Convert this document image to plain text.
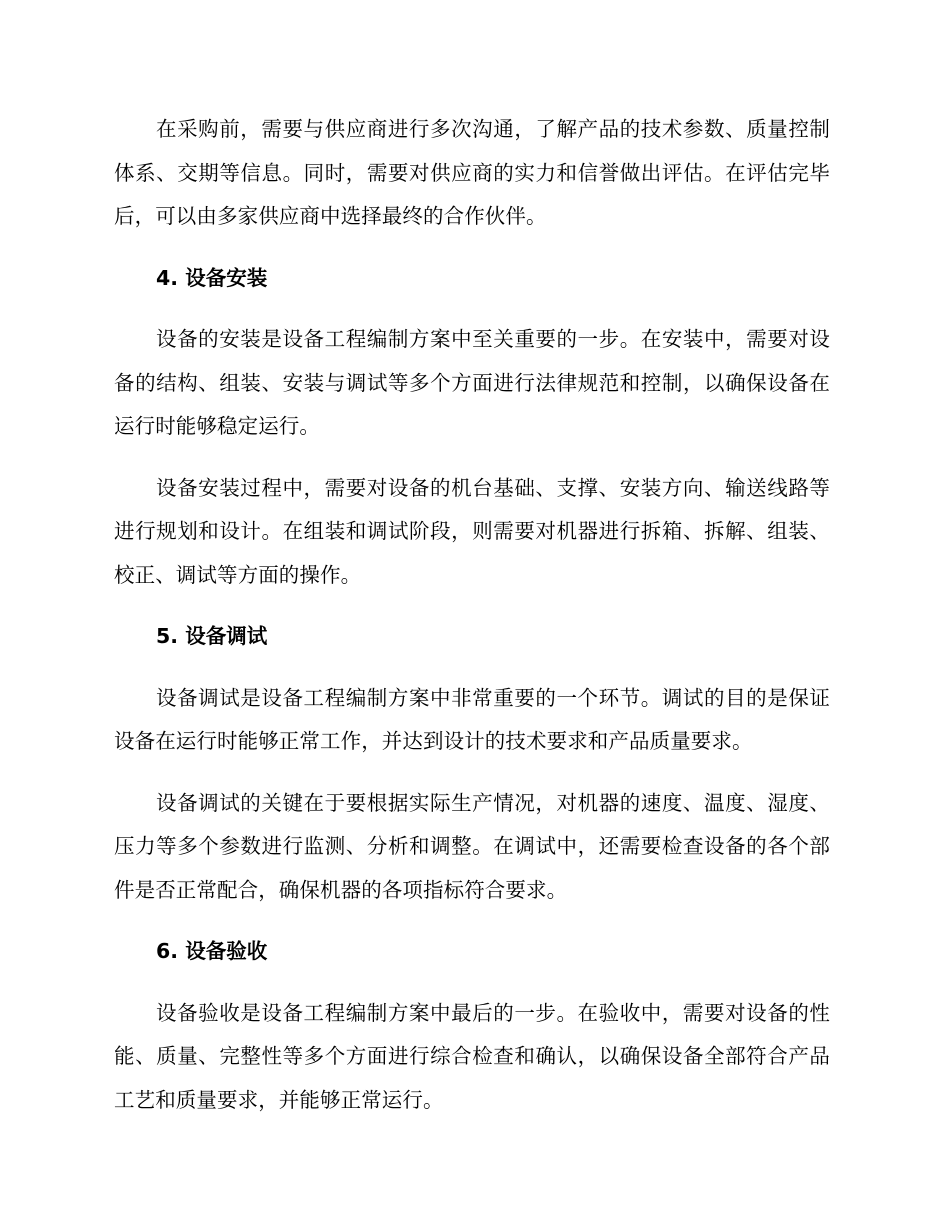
在采购前，需要与供应商进行多次沟通，了解产品的技术参数、质量控制体系、交期等信息。同时，需要对供应商的实力和信誉做出评估。在评估完毕后，可以由多家供应商中选择最终的合作伙伴。

4. 设备安装

设备的安装是设备工程编制方案中至关重要的一步。在安装中，需要对设备的结构、组装、安装与调试等多个方面进行法律规范和控制，以确保设备在运行时能够稳定运行。

设备安装过程中，需要对设备的机台基础、支撑、安装方向、输送线路等进行规划和设计。在组装和调试阶段，则需要对机器进行拆箱、拆解、组装、校正、调试等方面的操作。

5. 设备调试

设备调试是设备工程编制方案中非常重要的一个环节。调试的目的是保证设备在运行时能够正常工作，并达到设计的技术要求和产品质量要求。

设备调试的关键在于要根据实际生产情况，对机器的速度、温度、湿度、压力等多个参数进行监测、分析和调整。在调试中，还需要检查设备的各个部件是否正常配合，确保机器的各项指标符合要求。

6. 设备验收

设备验收是设备工程编制方案中最后的一步。在验收中，需要对设备的性能、质量、完整性等多个方面进行综合检查和确认，以确保设备全部符合产品工艺和质量要求，并能够正常运行。
